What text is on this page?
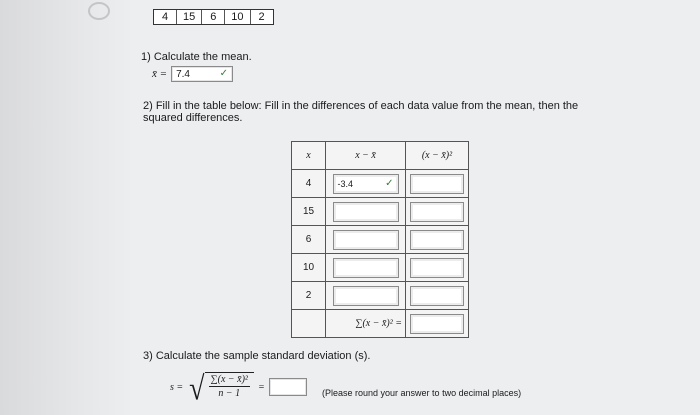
4	15	6	10	2
1) Calculate the mean.
x̄ = 7.4	✓
2) Fill in the table below: Fill in the differences of each data value from the mean, then the squared differences.
x	x − x̄	(x − x̄)²
4	-3.4 ✓	

15	

6	

10	

2	

	∑(x − x̄)² =	
3) Calculate the sample standard deviation (s).
s = √ $\frac{\text{∑(x − x̄)²}}{n - 1}$ =
(Please round your answer to two decimal places)
